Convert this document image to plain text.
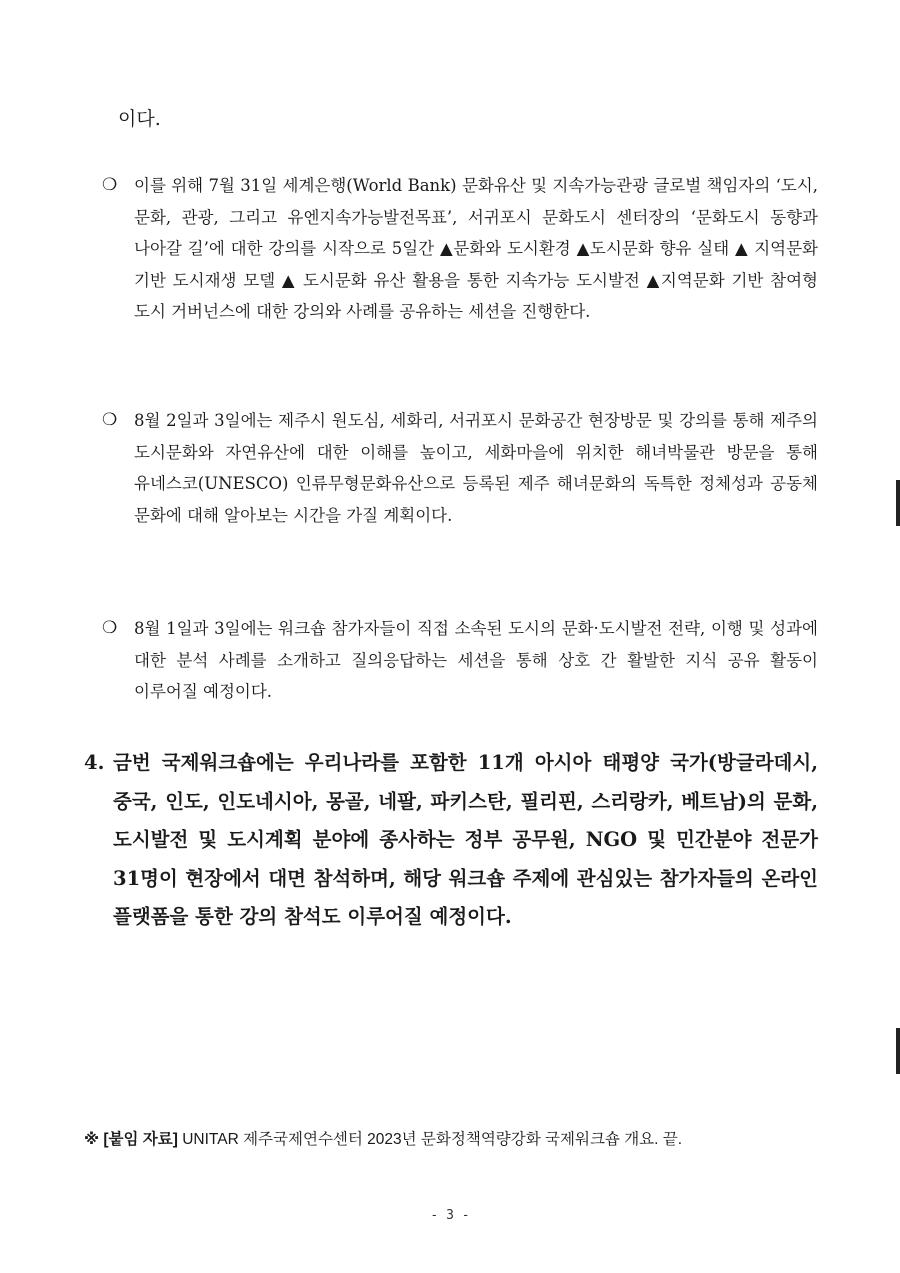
이다.
❍	이를 위해 7월 31일 세계은행(World Bank) 문화유산 및 지속가능관광 글로벌 책임자의 ‘도시, 문화, 관광, 그리고 유엔지속가능발전목표’, 서귀포시 문화도시 센터장의 ‘문화도시 동향과 나아갈 길’에 대한 강의를 시작으로 5일간 ▲문화와 도시환경 ▲도시문화 향유 실태 ▲ 지역문화 기반 도시재생 모델 ▲ 도시문화 유산 활용을 통한 지속가능 도시발전 ▲지역문화 기반 참여형 도시 거버넌스에 대한 강의와 사례를 공유하는 세션을 진행한다.
❍	8월 2일과 3일에는 제주시 원도심, 세화리, 서귀포시 문화공간 현장방문 및 강의를 통해 제주의 도시문화와 자연유산에 대한 이해를 높이고, 세화마을에 위치한 해녀박물관 방문을 통해 유네스코(UNESCO) 인류무형문화유산으로 등록된 제주 해녀문화의 독특한 정체성과 공동체 문화에 대해 알아보는 시간을 가질 계획이다.
❍	8월 1일과 3일에는 워크숍 참가자들이 직접 소속된 도시의 문화·도시발전 전략, 이행 및 성과에 대한 분석 사례를 소개하고 질의응답하는 세션을 통해 상호 간 활발한 지식 공유 활동이 이루어질 예정이다.
4. 금번 국제워크숍에는 우리나라를 포함한 11개 아시아 태평양 국가(방글라데시, 중국, 인도, 인도네시아, 몽골, 네팔, 파키스탄, 필리핀, 스리랑카, 베트남)의 문화, 도시발전 및 도시계획 분야에 종사하는 정부 공무원, NGO 및 민간분야 전문가 31명이 현장에서 대면 참석하며, 해당 워크숍 주제에 관심있는 참가자들의 온라인 플랫폼을 통한 강의 참석도 이루어질 예정이다.
※ [붙임 자료] UNITAR 제주국제연수센터 2023년 문화정책역량강화 국제워크숍 개요. 끝.
- 3 -
